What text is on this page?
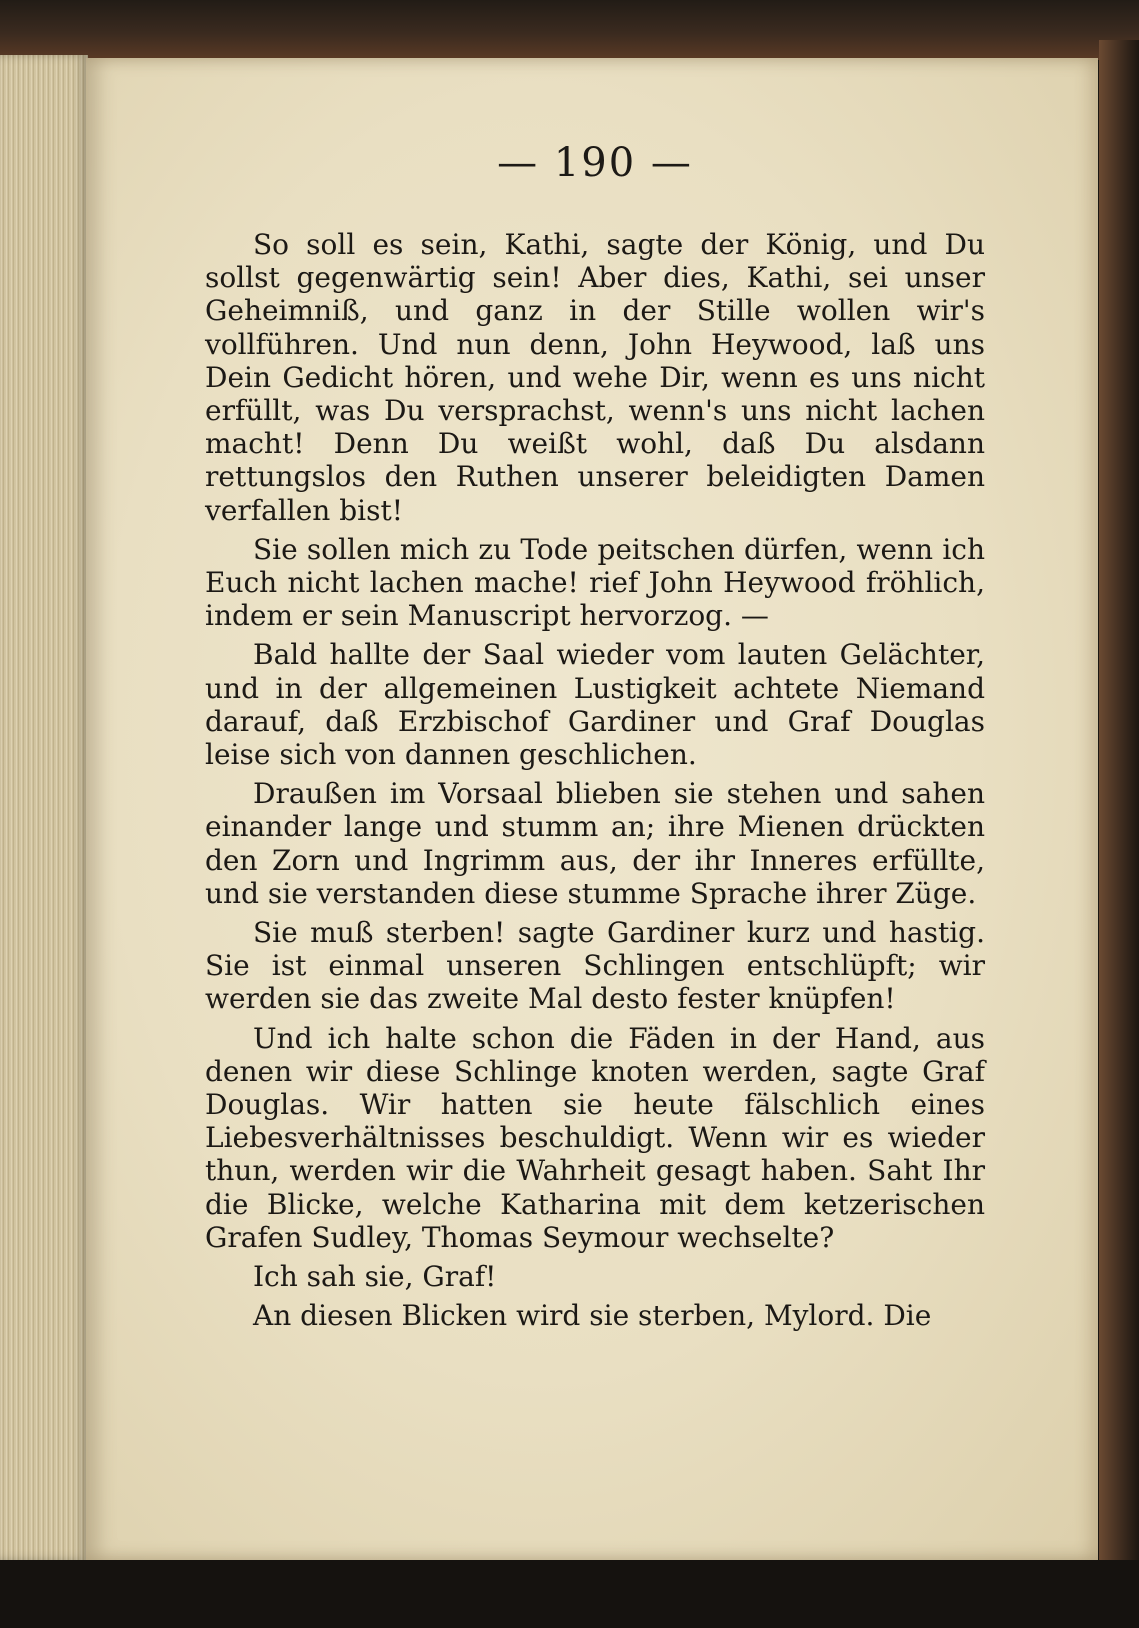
— 190 —

So soll es sein, Kathi, sagte der König, und Du sollst gegenwärtig sein! Aber dies, Kathi, sei unser Geheimniß, und ganz in der Stille wollen wir's vollführen. Und nun denn, John Heywood, laß uns Dein Gedicht hören, und wehe Dir, wenn es uns nicht erfüllt, was Du versprachst, wenn's uns nicht lachen macht! Denn Du weißt wohl, daß Du alsdann rettungslos den Ruthen unserer beleidigten Damen verfallen bist!

Sie sollen mich zu Tode peitschen dürfen, wenn ich Euch nicht lachen mache! rief John Heywood fröhlich, indem er sein Manuscript hervorzog. —

Bald hallte der Saal wieder vom lauten Gelächter, und in der allgemeinen Lustigkeit achtete Niemand darauf, daß Erzbischof Gardiner und Graf Douglas leise sich von dannen geschlichen.

Draußen im Vorsaal blieben sie stehen und sahen einander lange und stumm an; ihre Mienen drückten den Zorn und Ingrimm aus, der ihr Inneres erfüllte, und sie verstanden diese stumme Sprache ihrer Züge.

Sie muß sterben! sagte Gardiner kurz und hastig. Sie ist einmal unseren Schlingen entschlüpft; wir werden sie das zweite Mal desto fester knüpfen!

Und ich halte schon die Fäden in der Hand, aus denen wir diese Schlinge knoten werden, sagte Graf Douglas. Wir hatten sie heute fälschlich eines Liebesverhältnisses beschuldigt. Wenn wir es wieder thun, werden wir die Wahrheit gesagt haben. Saht Ihr die Blicke, welche Katharina mit dem ketzerischen Grafen Sudley, Thomas Seymour wechselte?

Ich sah sie, Graf!

An diesen Blicken wird sie sterben, Mylord. Die
